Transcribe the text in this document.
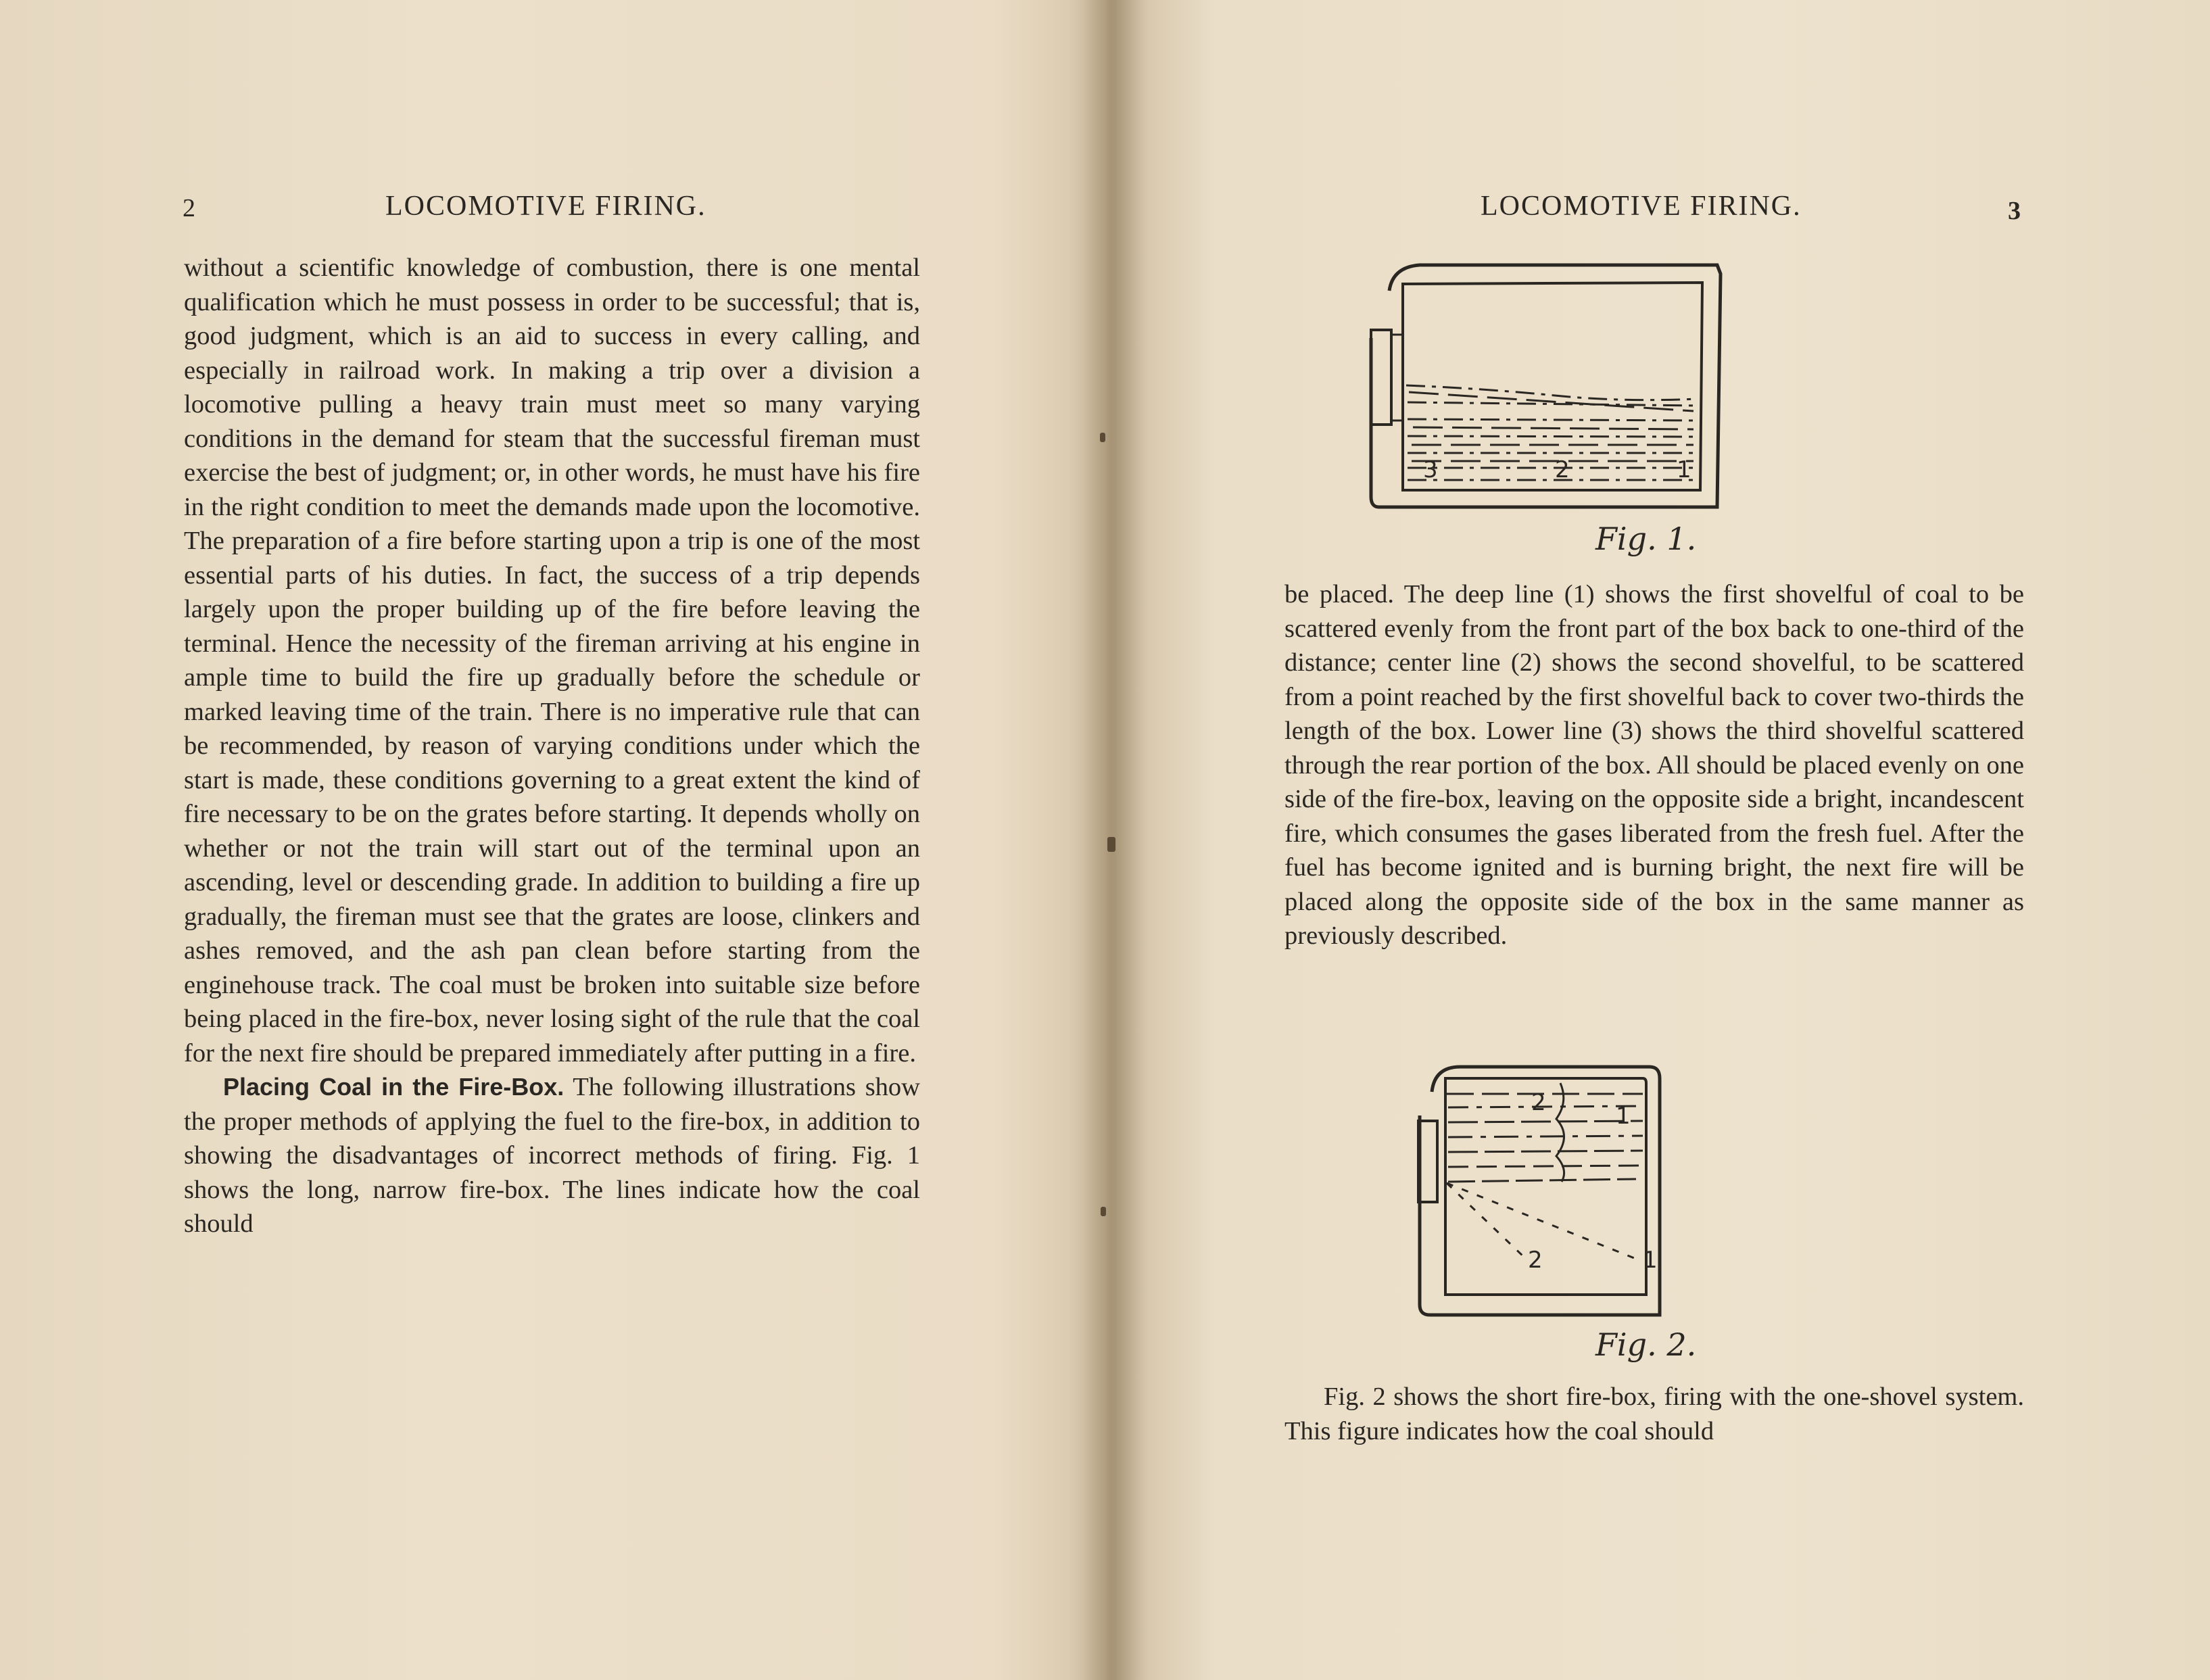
2	LOCOMOTIVE FIRING.

without a scientific knowledge of combustion, there is one mental qualification which he must possess in order to be successful; that is, good judgment, which is an aid to success in every calling, and especially in railroad work. In making a trip over a division a locomotive pulling a heavy train must meet so many varying conditions in the demand for steam that the successful fireman must exercise the best of judgment; or, in other words, he must have his fire in the right condition to meet the demands made upon the locomotive. The preparation of a fire before starting upon a trip is one of the most essential parts of his duties. In fact, the success of a trip depends largely upon the proper building up of the fire before leaving the terminal. Hence the necessity of the fireman arriving at his engine in ample time to build the fire up gradually before the schedule or marked leaving time of the train. There is no imperative rule that can be recommended, by reason of varying conditions under which the start is made, these conditions governing to a great extent the kind of fire necessary to be on the grates before starting. It depends wholly on whether or not the train will start out of the terminal upon an ascending, level or descending grade. In addition to building a fire up gradually, the fireman must see that the grates are loose, clinkers and ashes removed, and the ash pan clean before starting from the enginehouse track. The coal must be broken into suitable size before being placed in the fire-box, never losing sight of the rule that the coal for the next fire should be prepared immediately after putting in a fire.

Placing Coal in the Fire-Box. The following illustrations show the proper methods of applying the fuel to the fire-box, in addition to showing the disadvantages of incorrect methods of firing. Fig. 1 shows the long, narrow fire-box. The lines indicate how the coal should

LOCOMOTIVE FIRING.	3
3	2	1
Fig. 1.

be placed. The deep line (1) shows the first shovelful of coal to be scattered evenly from the front part of the box back to one-third of the distance; center line (2) shows the second shovelful, to be scattered from a point reached by the first shovelful back to cover two-thirds the length of the box. Lower line (3) shows the third shovelful scattered through the rear portion of the box. All should be placed evenly on one side of the fire-box, leaving on the opposite side a bright, incandescent fire, which consumes the gases liberated from the fresh fuel. After the fuel has become ignited and is burning bright, the next fire will be placed along the opposite side of the box in the same manner as previously described.

2	1
2	1
Fig. 2.

Fig. 2 shows the short fire-box, firing with the one-shovel system. This figure indicates how the coal should
